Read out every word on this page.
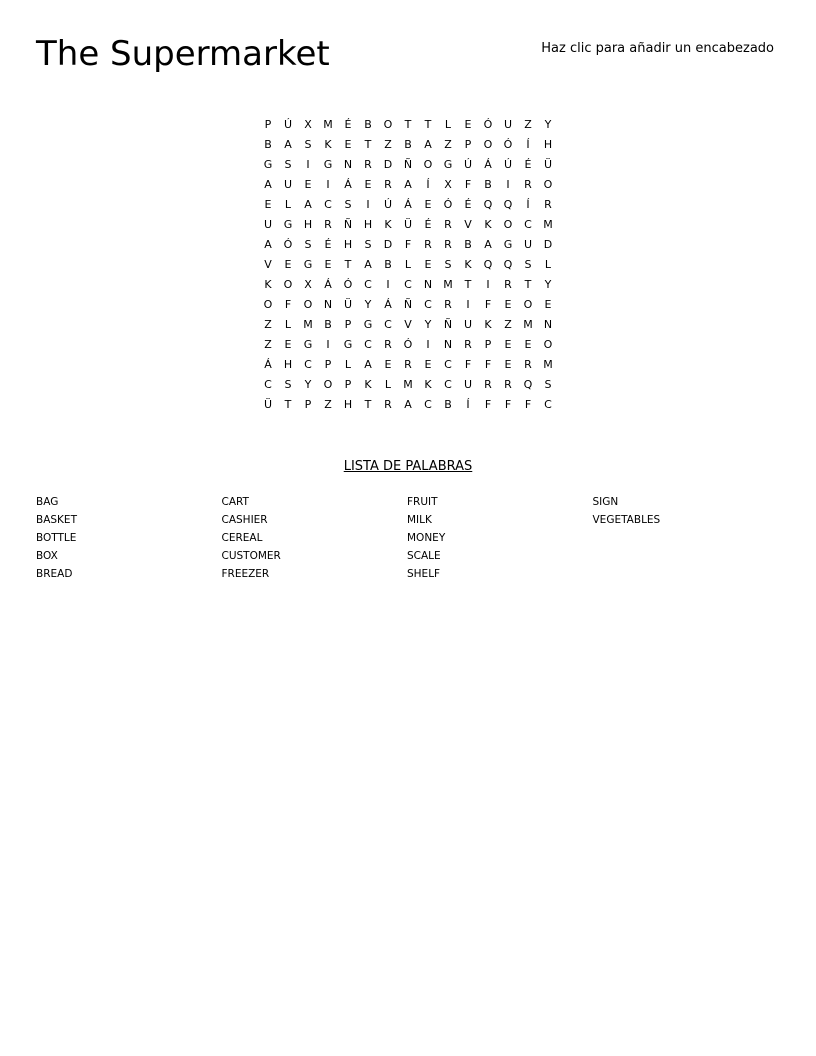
The Supermarket	Haz clic para añadir un encabezado
P	Ú	X	M	É	B	O	T	T	L	E	Ó	U	Z	Y
B	A	S	K	E	T	Z	B	A	Z	P	O	Ó	Í	H
G	S	I	G	N	R	D	Ñ	O	G	Ú	Á	Ú	É	Ü
A	U	E	I	Á	E	R	A	Í	X	F	B	I	R	O
E	L	A	C	S	I	Ú	Á	E	Ó	É	Q	Q	Í	R
U	G	H	R	Ñ	H	K	Ü	É	R	V	K	O	C	M
A	Ó	S	É	H	S	D	F	R	R	B	A	G	U	D
V	E	G	E	T	A	B	L	E	S	K	Q	Q	S	L
K	O	X	Á	Ó	C	I	C	N	M	T	I	R	T	Y
O	F	O	N	Ü	Y	Á	Ñ	C	R	I	F	E	O	E
Z	L	M	B	P	G	C	V	Y	Ñ	U	K	Z	M	N
Z	E	G	I	G	C	R	Ó	I	N	R	P	E	E	O
Á	H	C	P	L	A	E	R	E	C	F	F	E	R	M
C	S	Y	O	P	K	L	M	K	C	U	R	R	Q	S
Ü	T	P	Z	H	T	R	A	C	B	Í	F	F	F	C
LISTA DE PALABRAS
BAG
BASKET
BOTTLE
BOX
BREAD
CART
CASHIER
CEREAL
CUSTOMER
FREEZER
FRUIT
MILK
MONEY
SCALE
SHELF
SIGN
VEGETABLES
